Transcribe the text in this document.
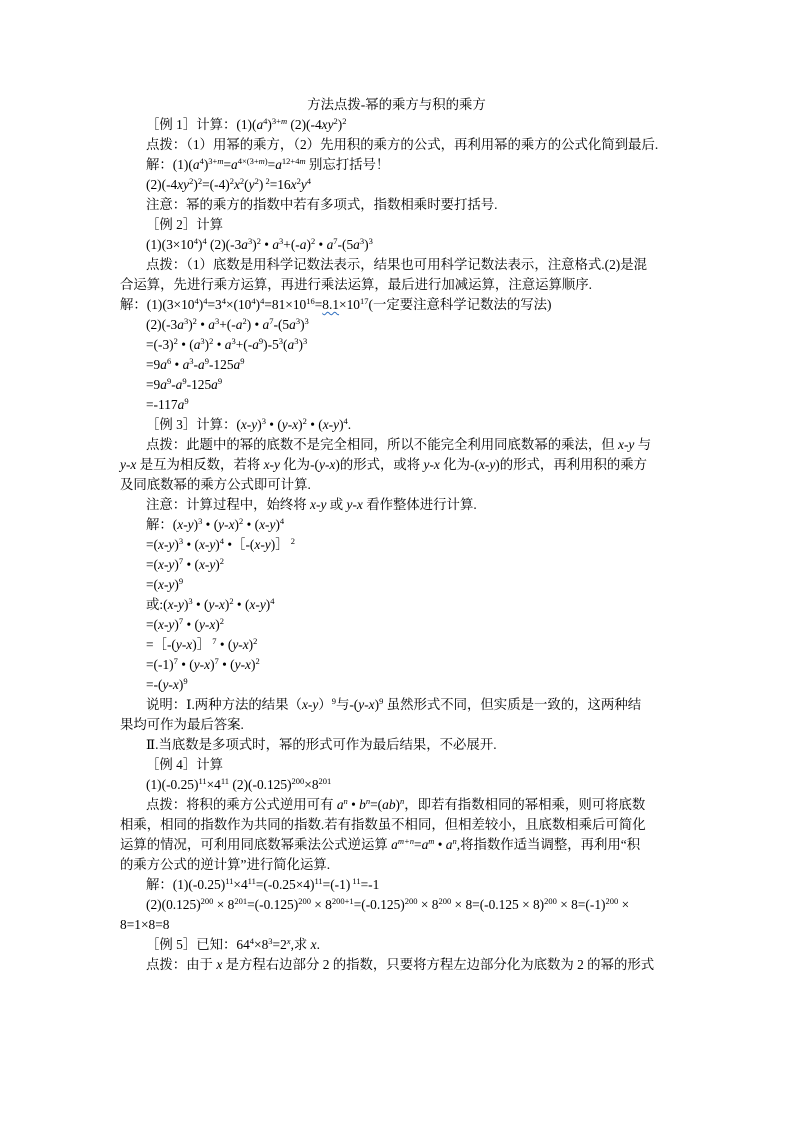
方法点拨-幂的乘方与积的乘方
［例 1］计算：$(1)(a^4)^{3+m}$ $(2)(-4xy^2)^2$
点拨：（1）用幂的乘方，（2）先用积的乘方的公式，再利用幂的乘方的公式化简到最后.
解：$(1)(a^4)^{3+m}=a^{4\times(3+m)}=a^{12+4m}$ 别忘打括号！
$(2)(-4xy^2)^2=(-4)^2x^2(y^2)$ $^2=16x^2y^4$
注意：幂的乘方的指数中若有多项式，指数相乘时要打括号.
［例 2］计算
$(1)(3\times 10^4)^4$ $(2)(-3a^3)^2$ • $a^3+(-a)^2$ • $a^7-(5a^3)^3$
点拨：（1）底数是用科学记数法表示，结果也可用科学记数法表示，注意格式.(2)是混
合运算，先进行乘方运算，再进行乘法运算，最后进行加减运算，注意运算顺序.
解：$(1)(3\times 10^4)^4=3^4\times(10^4)^4=81\times 10^{16}=8.1\times 10^{17}$(一定要注意科学记数法的写法)
$(2)(-3a^3)^2$ • $a^3+(-a^2)$ • $a^7-(5a^3)^3$
$=(-3)^2$ • $(a^3)^2$ • $a^3+(-a^9)-5^3(a^3)^3$
$=9a^6$ • $a^3-a^9-125a^9$
$=9a^9-a^9-125a^9$
$=-117a^9$
［例 3］计算：$(x-y)^3$ • $(y-x)^2$ • $(x-y)^4$.
点拨：此题中的幂的底数不是完全相同，所以不能完全利用同底数幂的乘法，但 x-y 与
y-x 是互为相反数，若将 x-y 化为-(y-x)的形式，或将 y-x 化为-(x-y)的形式，再利用积的乘方
及同底数幂的乘方公式即可计算.
注意：计算过程中，始终将 x-y 或 y-x 看作整体进行计算.
解：$(x-y)^3$ • $(y-x)^2$ • $(x-y)^4$
$=(x-y)^3$ • $(x-y)^4$ •［-(x-y)］ $^2$
$=(x-y)^7$ • $(x-y)^2$
$=(x-y)^9$
或$:(x-y)^3$ • $(y-x)^2$ • $(x-y)^4$
$=(x-y)^7$ • $(y-x)^2$
=［-(y-x)］ $^7$ • $(y-x)^2$
$=(-1)^7$ • $(y-x)^7$ • $(y-x)^2$
$=-(y-x)^9$
说明：Ⅰ.两种方法的结果$(x-y)^9$与$-(y-x)^9$ 虽然形式不同，但实质是一致的，这两种结
果均可作为最后答案.
Ⅱ.当底数是多项式时，幂的形式可作为最后结果，不必展开.
［例 4］计算
$(1)(-0.25)^{11}\times 4^{11}$ $(2)(-0.125)^{200}\times 8^{201}$
点拨：将积的乘方公式逆用可有 $a^n$ • $b^n=(ab)^n$，即若有指数相同的幂相乘，则可将底数
相乘，相同的指数作为共同的指数.若有指数虽不相同，但相差较小，且底数相乘后可简化
运算的情况，可利用同底数幂乘法公式逆运算 $a^{m+n}=a^m$ • $a^n$,将指数作适当调整，再利用“积
的乘方公式的逆计算”进行简化运算.
解：$(1)(-0.25)^{11}\times 4^{11}=(-0.25\times 4)^{11}=(-1)$ $^{11}$=-1
$(2)(0.125)^{200} \times 8^{201}=(-0.125)^{200} \times 8^{200+1}=(-0.125)^{200} \times 8^{200} \times 8=(-0.125 \times 8)^{200} \times 8=(-1)^{200}$ ×
8=1×8=8
［例 5］已知：$64^4\times 8^3=2^x$,求 x.
点拨：由于 x 是方程右边部分 2 的指数，只要将方程左边部分化为底数为 2 的幂的形式
